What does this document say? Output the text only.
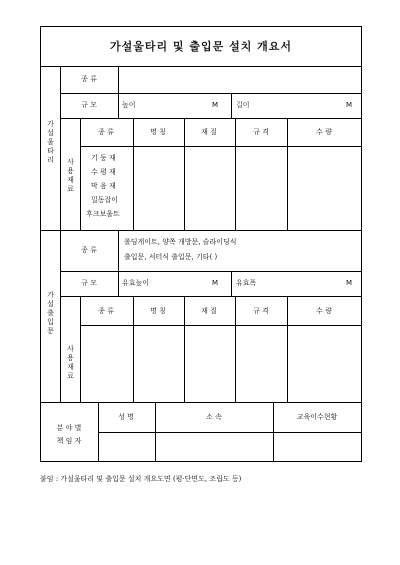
가설울타리 및 출입문 설치 개요서
가설울타리
가설출입문
사용재료
사용재료
종 류
규 모	높이	M	길이	M
종 류	명 칭	재 질	규 격	수 량
기 둥 재
수 평 재
막 음 재
밀동잡이
후크보울트
종 류
롤딩게이트, 양쪽 개방문, 슬라이딩식
출입문, 셔터식 출입문, 기타( )
규 모	유효높이	M	유효폭	M
종 류	명 칭	재 질	규 격	수 량
분 야 별
책 임 자
성 명	소 속	교육이수현황
붙임 : 가설울타리 및 출입문 설치 개요도면 (평·단면도, 조립도 등)
